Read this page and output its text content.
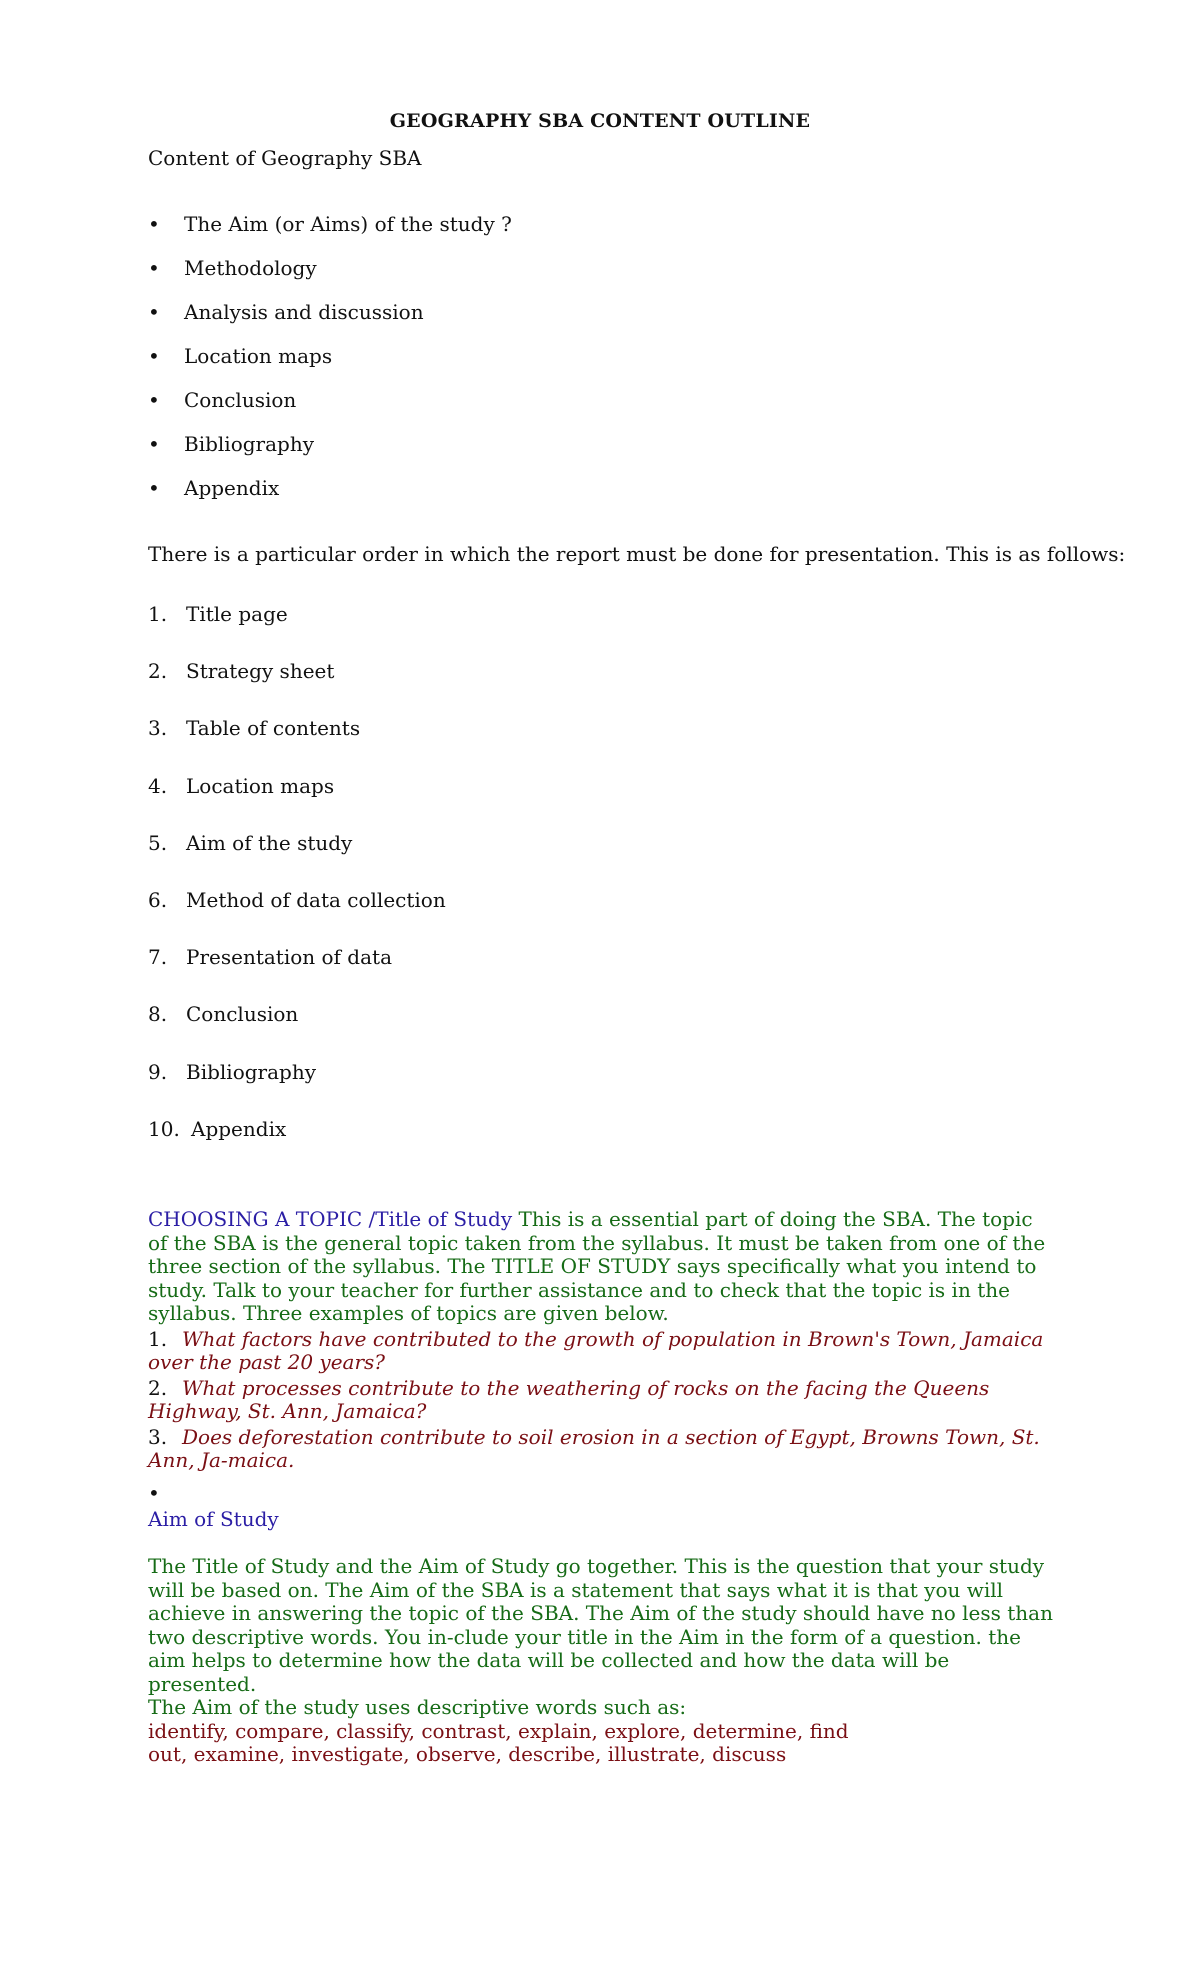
GEOGRAPHY SBA CONTENT OUTLINE
Content of Geography SBA
• The Aim (or Aims) of the study ?
• Methodology
• Analysis and discussion
• Location maps
• Conclusion
• Bibliography
• Appendix
There is a particular order in which the report must be done for presentation. This is as follows:
1. Title page
2. Strategy sheet
3. Table of contents
4. Location maps
5. Aim of the study
6. Method of data collection
7. Presentation of data
8. Conclusion
9. Bibliography
10. Appendix
CHOOSING A TOPIC /Title of Study This is a essential part of doing the SBA. The topic of the SBA is the general topic taken from the syllabus. It must be taken from one of the three section of the syllabus. The TITLE OF STUDY says specifically what you intend to study. Talk to your teacher for further assistance and to check that the topic is in the syllabus. Three examples of topics are given below.
1. What factors have contributed to the growth of population in Brown's Town, Jamaica over the past 20 years?
2. What processes contribute to the weathering of rocks on the facing the Queens Highway, St. Ann, Jamaica?
3. Does deforestation contribute to soil erosion in a section of Egypt, Browns Town, St. Ann, Ja-maica.
•
Aim of Study
The Title of Study and the Aim of Study go together. This is the question that your study will be based on. The Aim of the SBA is a statement that says what it is that you will achieve in answering the topic of the SBA. The Aim of the study should have no less than two descriptive words. You in-clude your title in the Aim in the form of a question. the aim helps to determine how the data will be collected and how the data will be presented.
The Aim of the study uses descriptive words such as:
identify, compare, classify, contrast, explain, explore, determine, find
out, examine, investigate, observe, describe, illustrate, discuss
